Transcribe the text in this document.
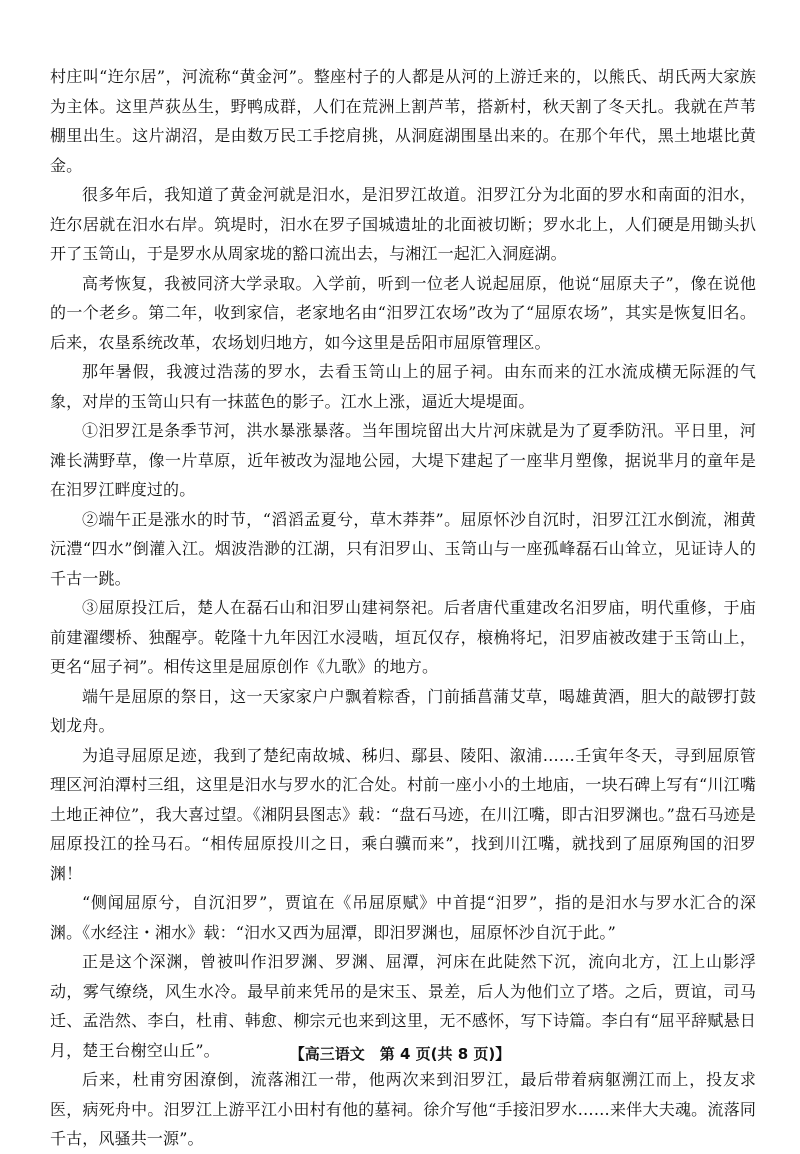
村庄叫“迕尔居”，河流称“黄金河”。整座村子的人都是从河的上游迁来的，以熊氏、胡氏两大家族为主体。这里芦荻丛生，野鸭成群，人们在荒洲上割芦苇，搭新村，秋天割了冬天扎。我就在芦苇棚里出生。这片湖沼，是由数万民工手挖肩挑，从洞庭湖围垦出来的。在那个年代，黑土地堪比黄金。

很多年后，我知道了黄金河就是汨水，是汨罗江故道。汨罗江分为北面的罗水和南面的汨水，迕尔居就在汨水右岸。筑堤时，汨水在罗子国城遗址的北面被切断；罗水北上，人们硬是用锄头扒开了玉笥山，于是罗水从周家垅的豁口流出去，与湘江一起汇入洞庭湖。

高考恢复，我被同济大学录取。入学前，听到一位老人说起屈原，他说“屈原夫子”，像在说他的一个老乡。第二年，收到家信，老家地名由“汨罗江农场”改为了“屈原农场”，其实是恢复旧名。后来，农垦系统改革，农场划归地方，如今这里是岳阳市屈原管理区。

那年暑假，我渡过浩荡的罗水，去看玉笥山上的屈子祠。由东而来的江水流成横无际涯的气象，对岸的玉笥山只有一抹蓝色的影子。江水上涨，逼近大堤堤面。

①汨罗江是条季节河，洪水暴涨暴落。当年围垸留出大片河床就是为了夏季防汛。平日里，河滩长满野草，像一片草原，近年被改为湿地公园，大堤下建起了一座芈月塑像，据说芈月的童年是在汨罗江畔度过的。

②端午正是涨水的时节，“滔滔孟夏兮，草木莽莽”。屈原怀沙自沉时，汨罗江江水倒流，湘黄沅澧“四水”倒灌入江。烟波浩渺的江湖，只有汨罗山、玉笥山与一座孤峰磊石山耸立，见证诗人的千古一跳。

③屈原投江后，楚人在磊石山和汨罗山建祠祭祀。后者唐代重建改名汨罗庙，明代重修，于庙前建濯缨桥、独醒亭。乾隆十九年因江水浸啮，垣瓦仅存，榱桷将圮，汨罗庙被改建于玉笥山上，更名“屈子祠”。相传这里是屈原创作《九歌》的地方。

端午是屈原的祭日，这一天家家户户飘着粽香，门前插菖蒲艾草，喝雄黄酒，胆大的敲锣打鼓划龙舟。

为追寻屈原足迹，我到了楚纪南故城、秭归、鄢县、陵阳、溆浦……壬寅年冬天，寻到屈原管理区河泊潭村三组，这里是汨水与罗水的汇合处。村前一座小小的土地庙，一块石碑上写有“川江嘴土地正神位”，我大喜过望。《湘阴县图志》载：“盘石马迹，在川江嘴，即古汨罗渊也。”盘石马迹是屈原投江的拴马石。“相传屈原投川之日，乘白骥而来”，找到川江嘴，就找到了屈原殉国的汨罗渊！

“侧闻屈原兮，自沉汨罗”，贾谊在《吊屈原赋》中首提“汨罗”，指的是汨水与罗水汇合的深渊。《水经注・湘水》载：“汨水又西为屈潭，即汨罗渊也，屈原怀沙自沉于此。”

正是这个深渊，曾被叫作汨罗渊、罗渊、屈潭，河床在此陡然下沉，流向北方，江上山影浮动，雾气缭绕，风生水冷。最早前来凭吊的是宋玉、景差，后人为他们立了塔。之后，贾谊，司马迁、孟浩然、李白，杜甫、韩愈、柳宗元也来到这里，无不感怀，写下诗篇。李白有“屈平辞赋悬日月，楚王台榭空山丘”。

后来，杜甫穷困潦倒，流落湘江一带，他两次来到汨罗江，最后带着病躯溯江而上，投友求医，病死舟中。汨罗江上游平江小田村有他的墓祠。徐介写他“手接汨罗水……来伴大夫魂。流落同千古，风骚共一源”。

【高三语文　第 4 页(共 8 页)】
